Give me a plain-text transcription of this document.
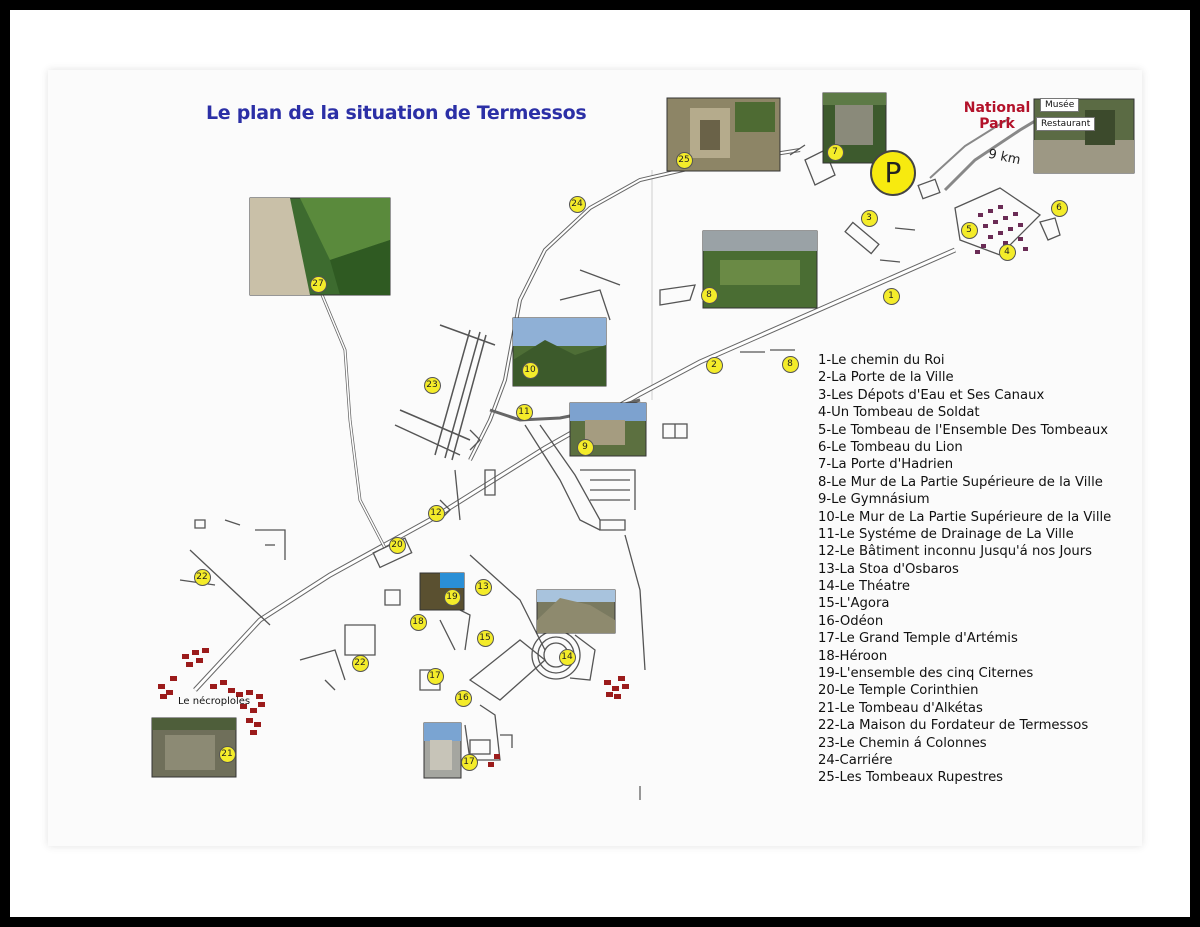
Le plan de la situation de Termessos	National Park
Musée
Restaurant
9 km
P
Le nécroploles
1
2
3
4
5
6
7
8
8
9
10
11
12
13
14
15
16
17
17
18
19
20
21
22
22
23
24
25
27
1-Le chemin du Roi
2-La Porte de la Ville
3-Les Dépots d'Eau et Ses Canaux
4-Un Tombeau de Soldat
5-Le Tombeau de l'Ensemble Des Tombeaux
6-Le Tombeau du Lion
7-La Porte d'Hadrien
8-Le Mur de La Partie Supérieure de la Ville
9-Le Gymnásium
10-Le Mur de La Partie Supérieure de la Ville
11-Le Systéme de Drainage de La Ville
12-Le Bâtiment inconnu Jusqu'á nos Jours
13-La Stoa d'Osbaros
14-Le Théatre
15-L'Agora
16-Odéon
17-Le Grand Temple d'Artémis
18-Héroon
19-L'ensemble des cinq Citernes
20-Le Temple Corinthien
21-Le Tombeau d'Alkétas
22-La Maison du Fordateur de Termessos
23-Le Chemin á Colonnes
24-Carriére
25-Les Tombeaux Rupestres
